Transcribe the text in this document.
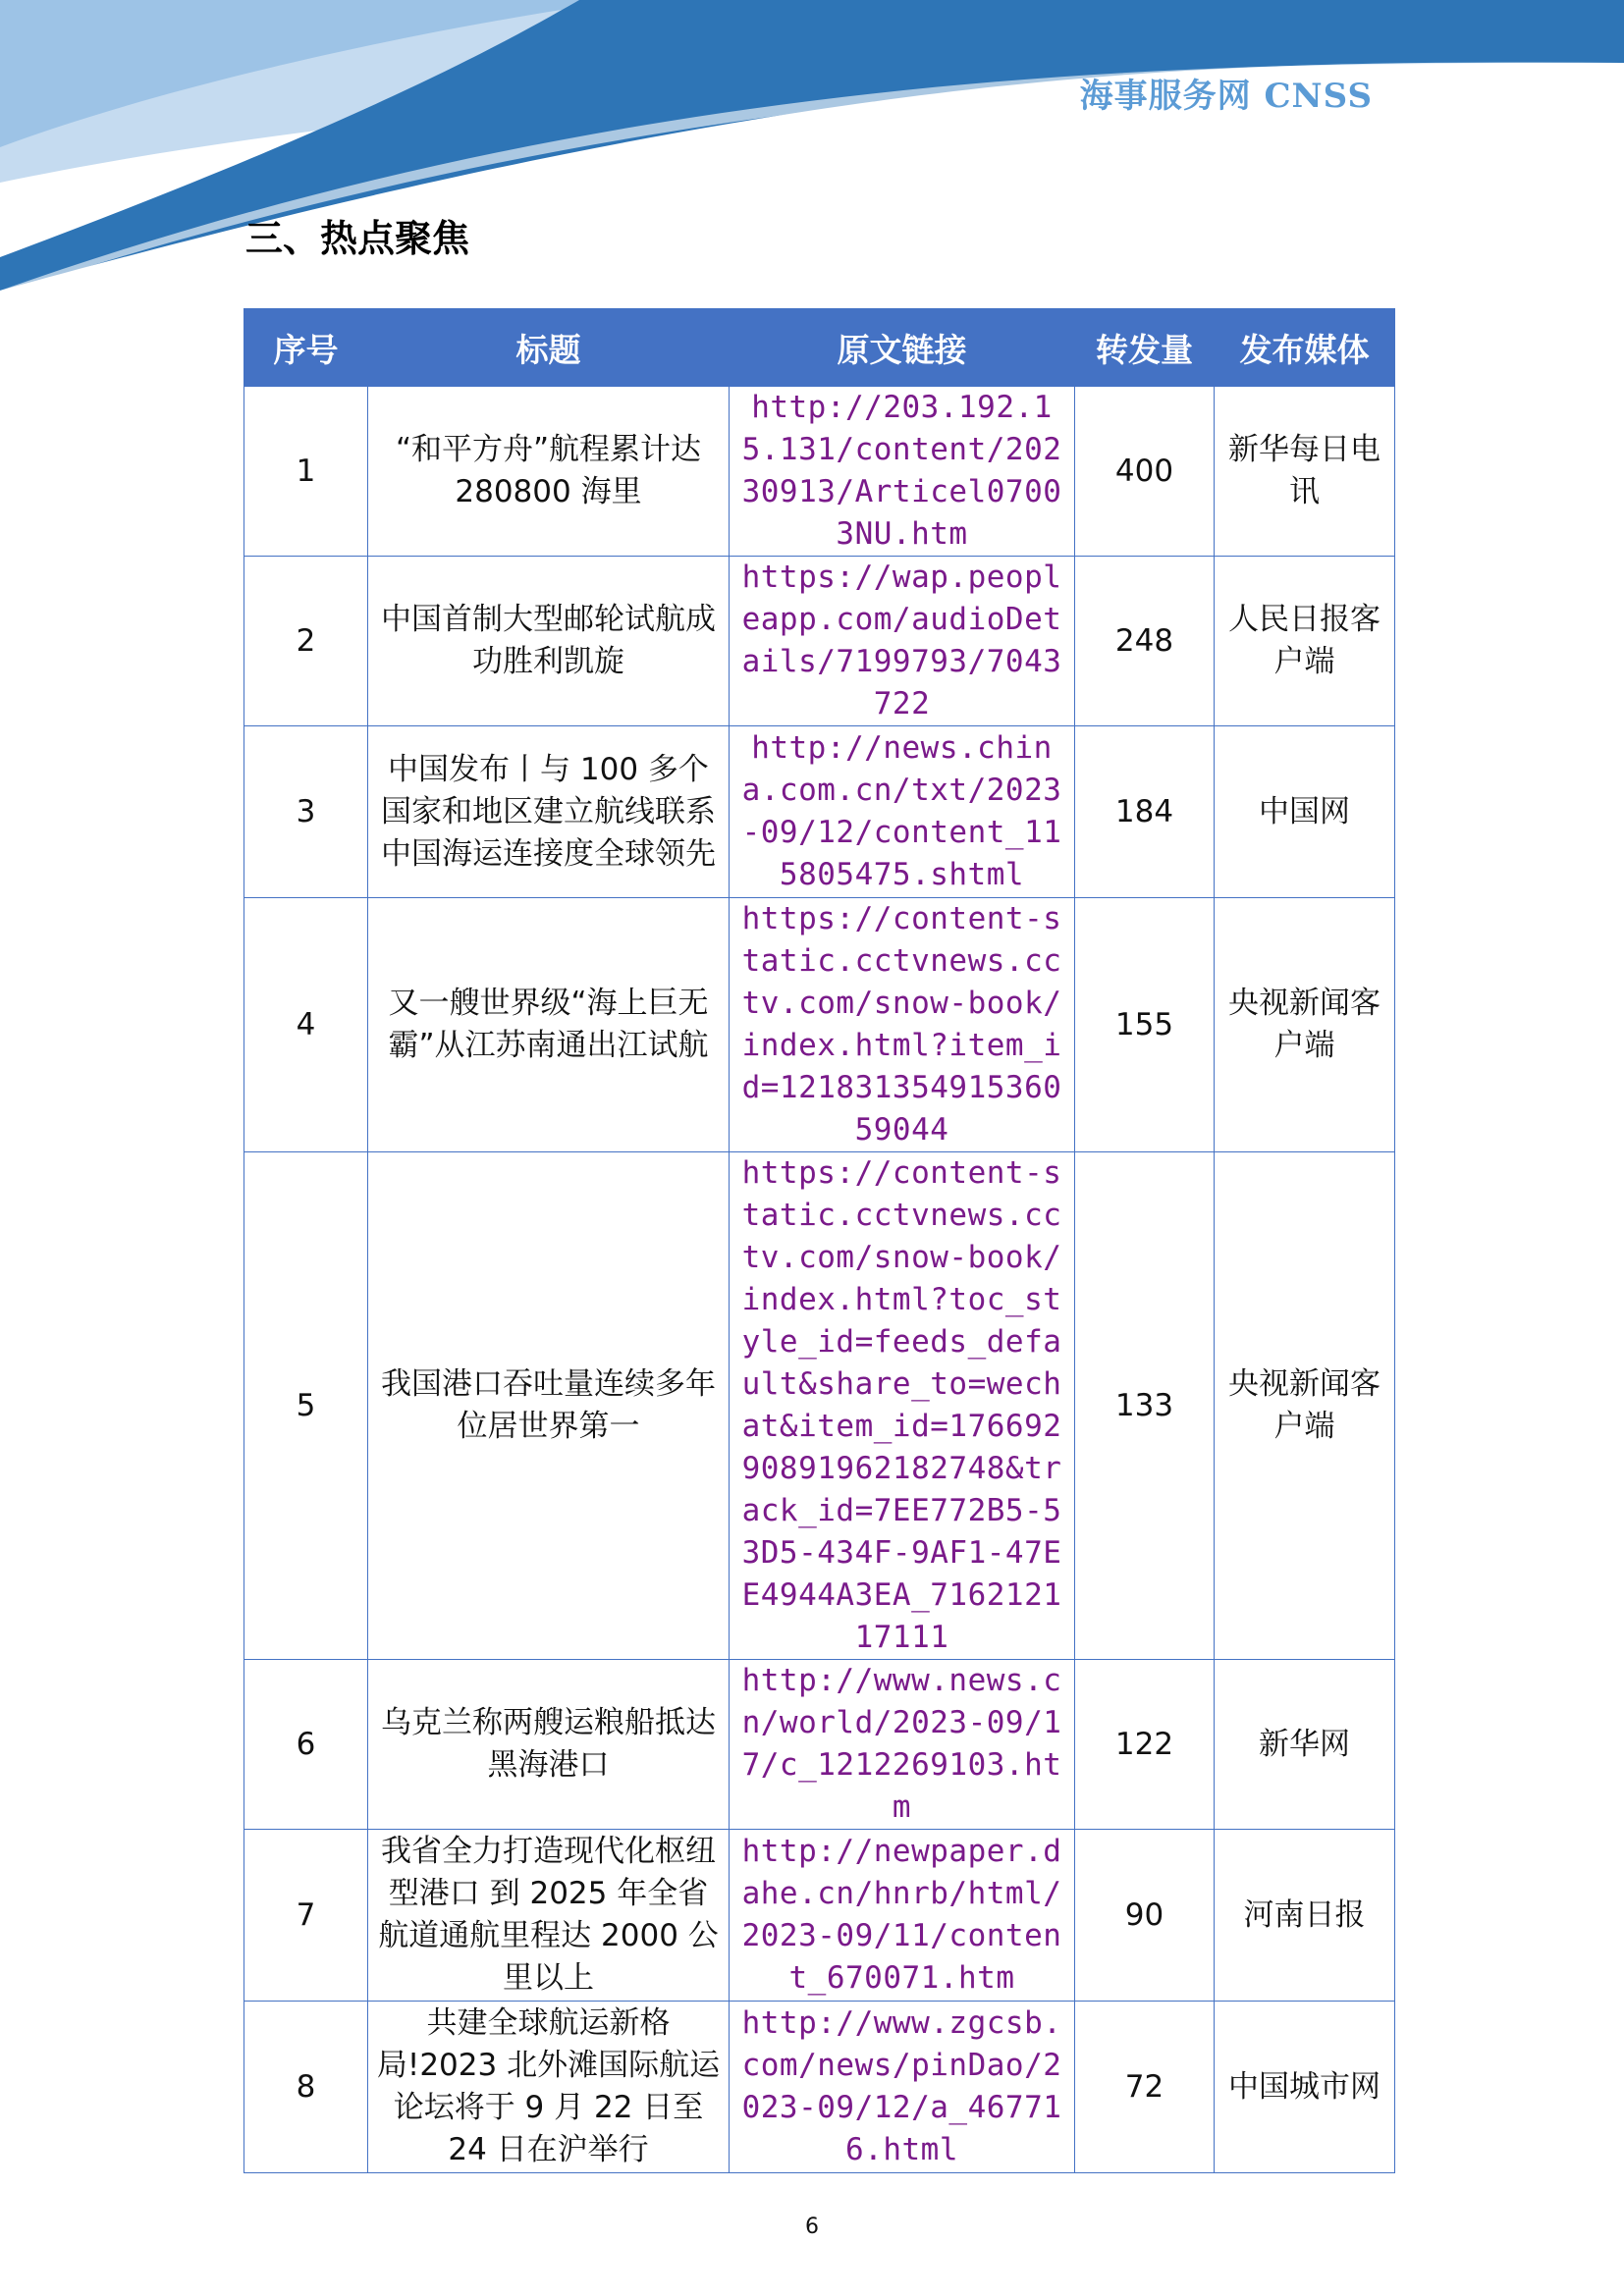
海事服务网 CNSS
三、热点聚焦
序号	标题	原文链接	转发量	发布媒体
1	“和平方舟”航程累计达 280800 海里	http://203.192.15.131/content/20230913/Articel07003NU.htm	400	新华每日电讯
2	中国首制大型邮轮试航成功胜利凯旋	https://wap.peopleapp.com/audioDetails/7199793/7043722	248	人民日报客户端
3	中国发布丨与 100 多个国家和地区建立航线联系 中国海运连接度全球领先	http://news.china.com.cn/txt/2023-09/12/content_115805475.shtml	184	中国网
4	又一艘世界级“海上巨无霸”从江苏南通出江试航	https://content-static.cctvnews.cctv.com/snow-book/index.html?item_id=12183135491536059044	155	央视新闻客户端
5	我国港口吞吐量连续多年位居世界第一	https://content-static.cctvnews.cctv.com/snow-book/index.html?toc_style_id=feeds_default&share_to=wechat&item_id=17669290891962182748&track_id=7EE772B5-53D5-434F-9AF1-47EE4944A3EA_716212117111	133	央视新闻客户端
6	乌克兰称两艘运粮船抵达黑海港口	http://www.news.cn/world/2023-09/17/c_1212269103.htm	122	新华网
7	我省全力打造现代化枢纽型港口 到 2025 年全省航道通航里程达 2000 公里以上	http://newpaper.dahe.cn/hnrb/html/2023-09/11/content_670071.htm	90	河南日报
8	共建全球航运新格局!2023 北外滩国际航运论坛将于 9 月 22 日至 24 日在沪举行	http://www.zgcsb.com/news/pinDao/2023-09/12/a_467716.html	72	中国城市网
6
